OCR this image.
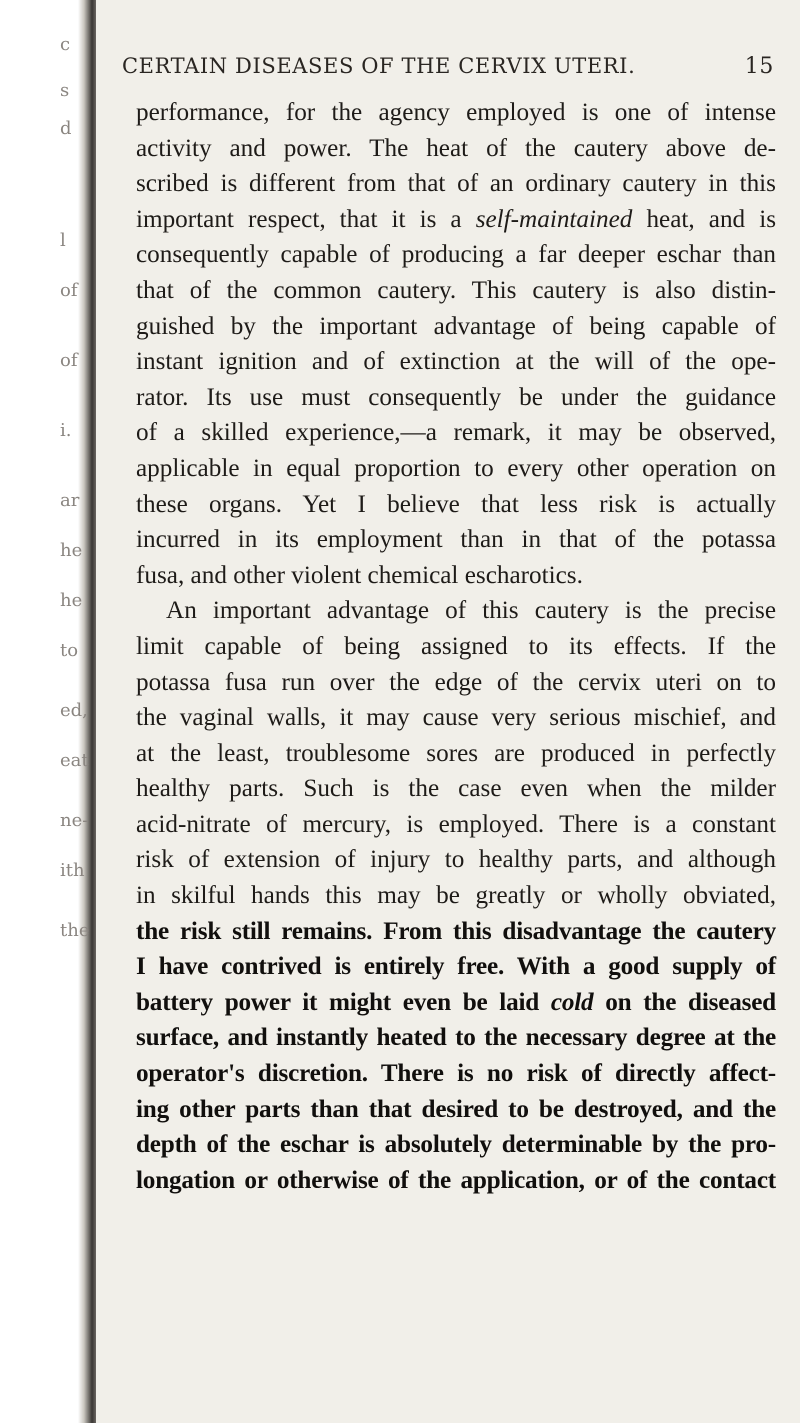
c
s
d
l
of
of
i.
ar
he
he
to
ed,
eat
ne-
ith
the
CERTAIN DISEASES OF THE CERVIX UTERI.	15
performance, for the agency employed is one of intense
activity and power. The heat of the cautery above de-
scribed is different from that of an ordinary cautery in this
important respect, that it is a self-maintained heat, and is
consequently capable of producing a far deeper eschar than
that of the common cautery. This cautery is also distin-
guished by the important advantage of being capable of
instant ignition and of extinction at the will of the ope-
rator. Its use must consequently be under the guidance
of a skilled experience,—a remark, it may be observed,
applicable in equal proportion to every other operation on
these organs. Yet I believe that less risk is actually
incurred in its employment than in that of the potassa
fusa, and other violent chemical escharotics.
An important advantage of this cautery is the precise
limit capable of being assigned to its effects. If the
potassa fusa run over the edge of the cervix uteri on to
the vaginal walls, it may cause very serious mischief, and
at the least, troublesome sores are produced in perfectly
healthy parts. Such is the case even when the milder
acid-nitrate of mercury, is employed. There is a constant
risk of extension of injury to healthy parts, and although
in skilful hands this may be greatly or wholly obviated,
the risk still remains. From this disadvantage the cautery
I have contrived is entirely free. With a good supply of
battery power it might even be laid cold on the diseased
surface, and instantly heated to the necessary degree at the
operator's discretion. There is no risk of directly affect-
ing other parts than that desired to be destroyed, and the
depth of the eschar is absolutely determinable by the pro-
longation or otherwise of the application, or of the contact
